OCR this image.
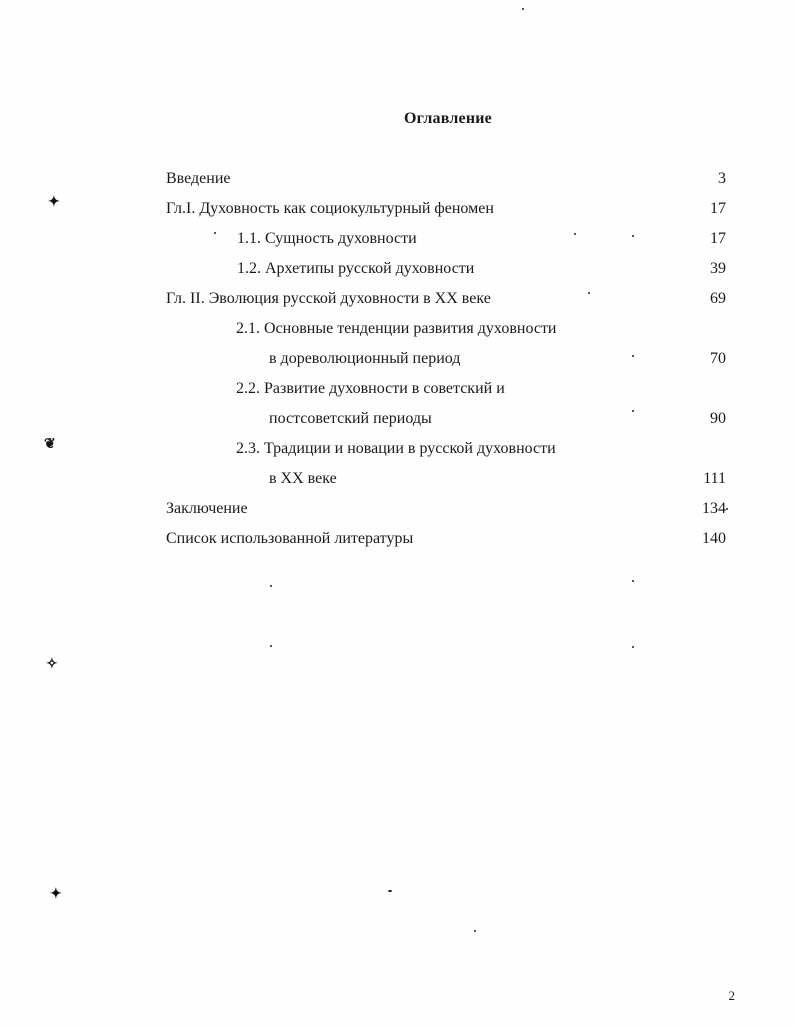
Оглавление
Введение	3
Гл.I. Духовность как социокультурный феномен	17
1.1. Сущность духовности	17
1.2. Архетипы русской духовности	39
Гл. II. Эволюция русской духовности в XX веке	69
2.1. Основные тенденции развития духовности
в дореволюционный период	70
2.2. Развитие духовности в советский и
постсоветский периоды	90
2.3. Традиции и новации в русской духовности
в XX веке	111
Заключение	134
Список использованной литературы	140
2
✦
❦
✧
✦
